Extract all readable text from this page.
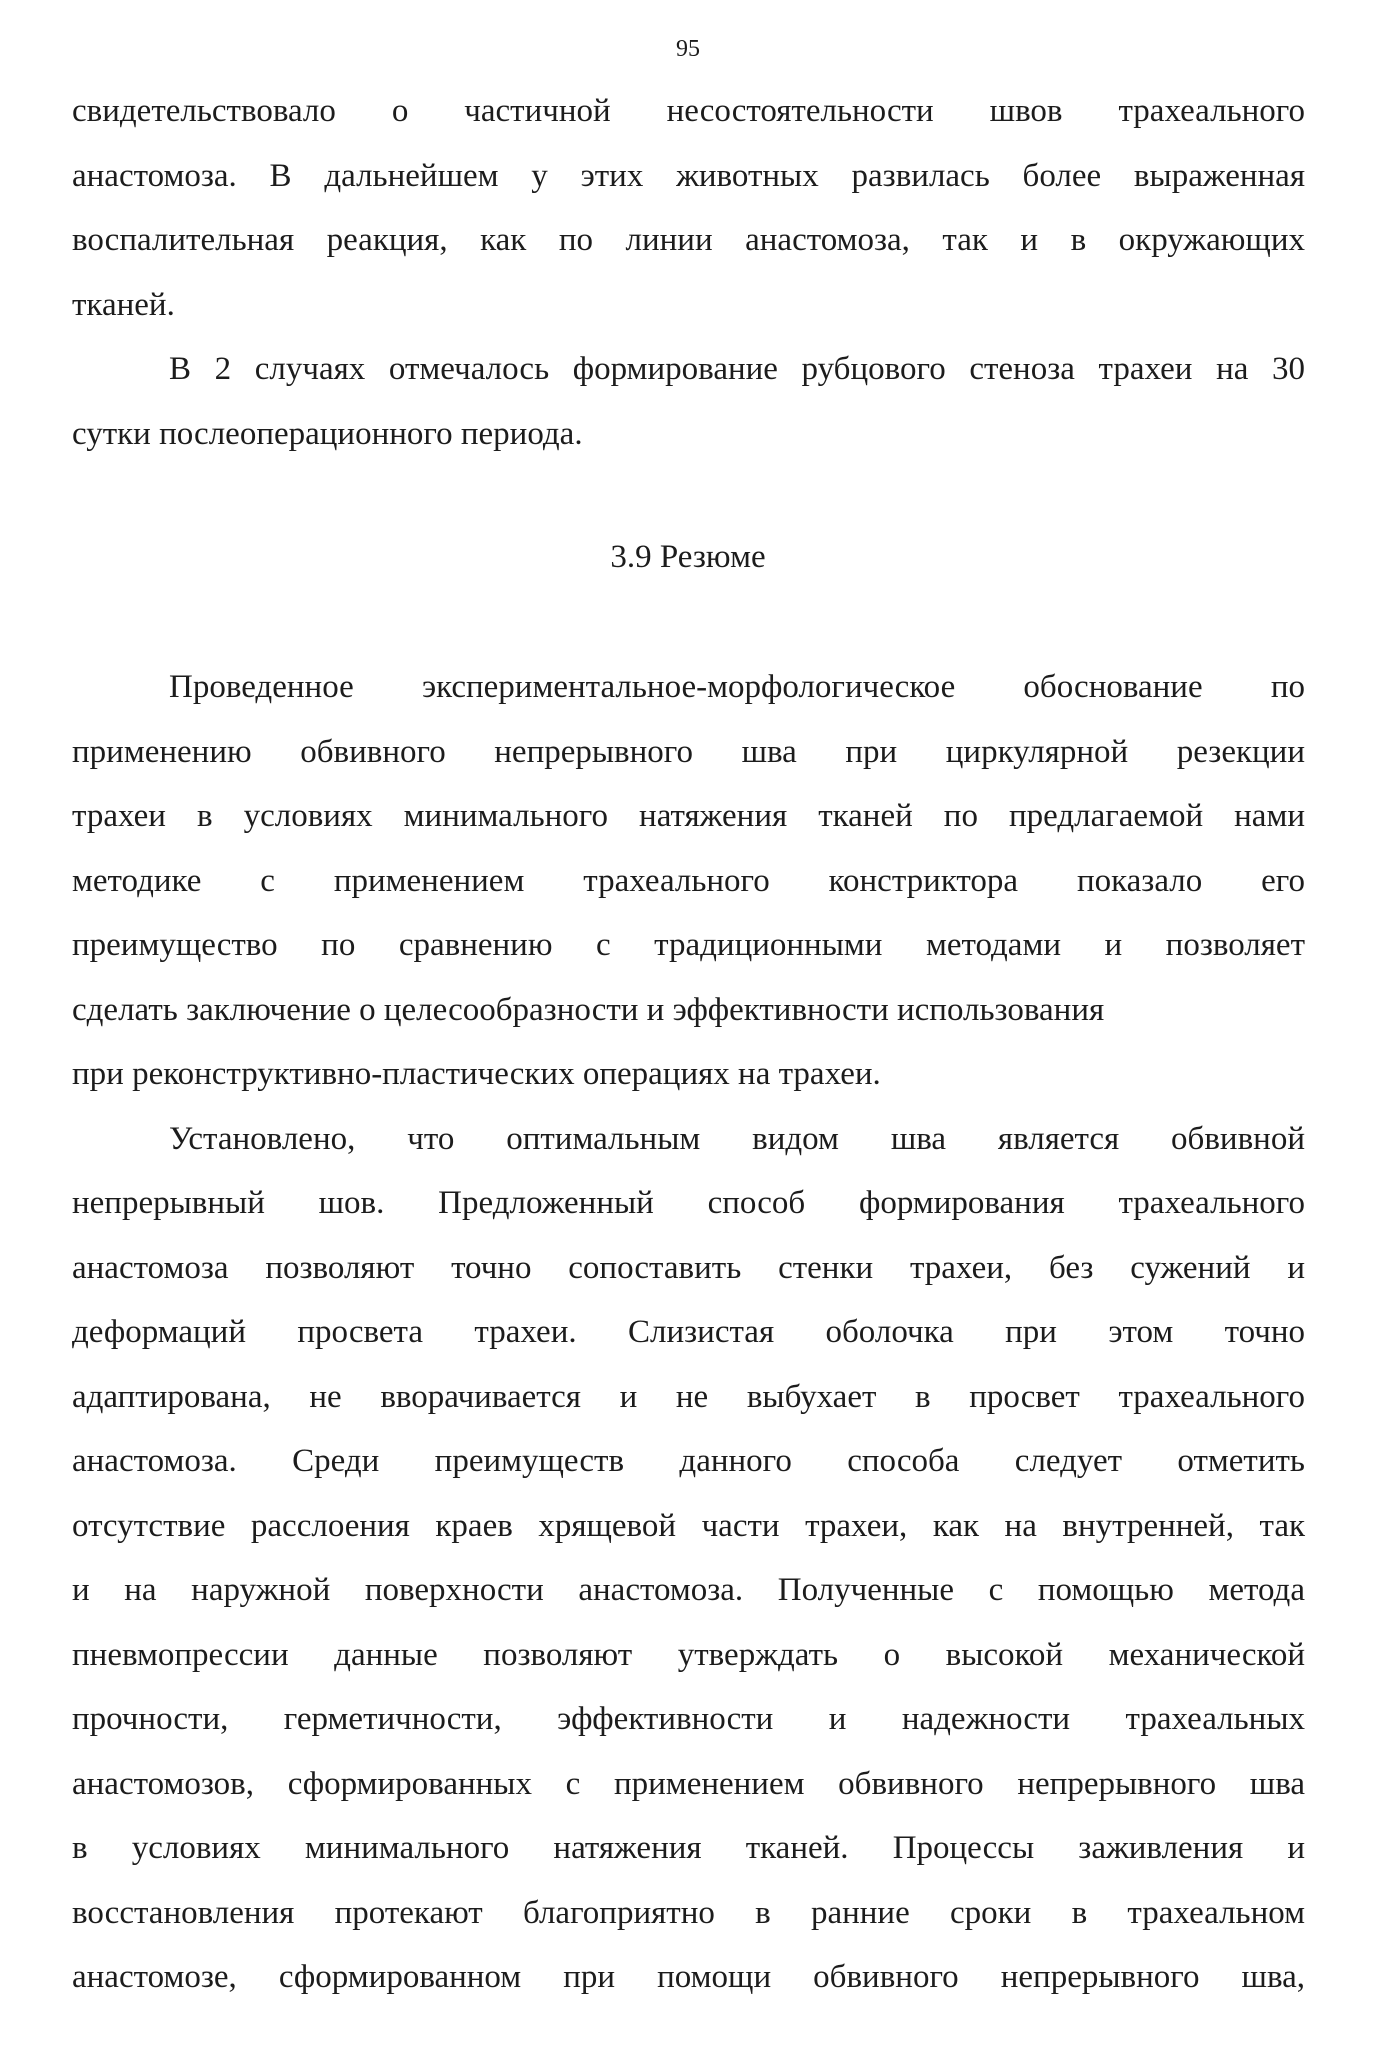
95

свидетельствовало о частичной несостоятельности швов трахеального

анастомоза. В дальнейшем у этих животных развилась более выраженная

воспалительная реакция, как по линии анастомоза, так и в окружающих

тканей.

В 2 случаях отмечалось формирование рубцового стеноза трахеи на 30

сутки послеоперационного периода.

3.9 Резюме

Проведенное экспериментальное-морфологическое обоснование по

применению обвивного непрерывного шва при циркулярной резекции

трахеи в условиях минимального натяжения тканей по предлагаемой нами

методике с применением трахеального констриктора показало его

преимущество по сравнению с традиционными методами и позволяет

сделать заключение о целесообразности и эффективности использования

при реконструктивно-пластических операциях на трахеи.

Установлено, что оптимальным видом шва является обвивной

непрерывный шов. Предложенный способ формирования трахеального

анастомоза позволяют точно сопоставить стенки трахеи, без сужений и

деформаций просвета трахеи. Слизистая оболочка при этом точно

адаптирована, не вворачивается и не выбухает в просвет трахеального

анастомоза. Среди преимуществ данного способа следует отметить

отсутствие расслоения краев хрящевой части трахеи, как на внутренней, так

и на наружной поверхности анастомоза. Полученные с помощью метода

пневмопрессии данные позволяют утверждать о высокой механической

прочности, герметичности, эффективности и надежности трахеальных

анастомозов, сформированных с применением обвивного непрерывного шва

в условиях минимального натяжения тканей. Процессы заживления и

восстановления протекают благоприятно в ранние сроки в трахеальном

анастомозе, сформированном при помощи обвивного непрерывного шва,
